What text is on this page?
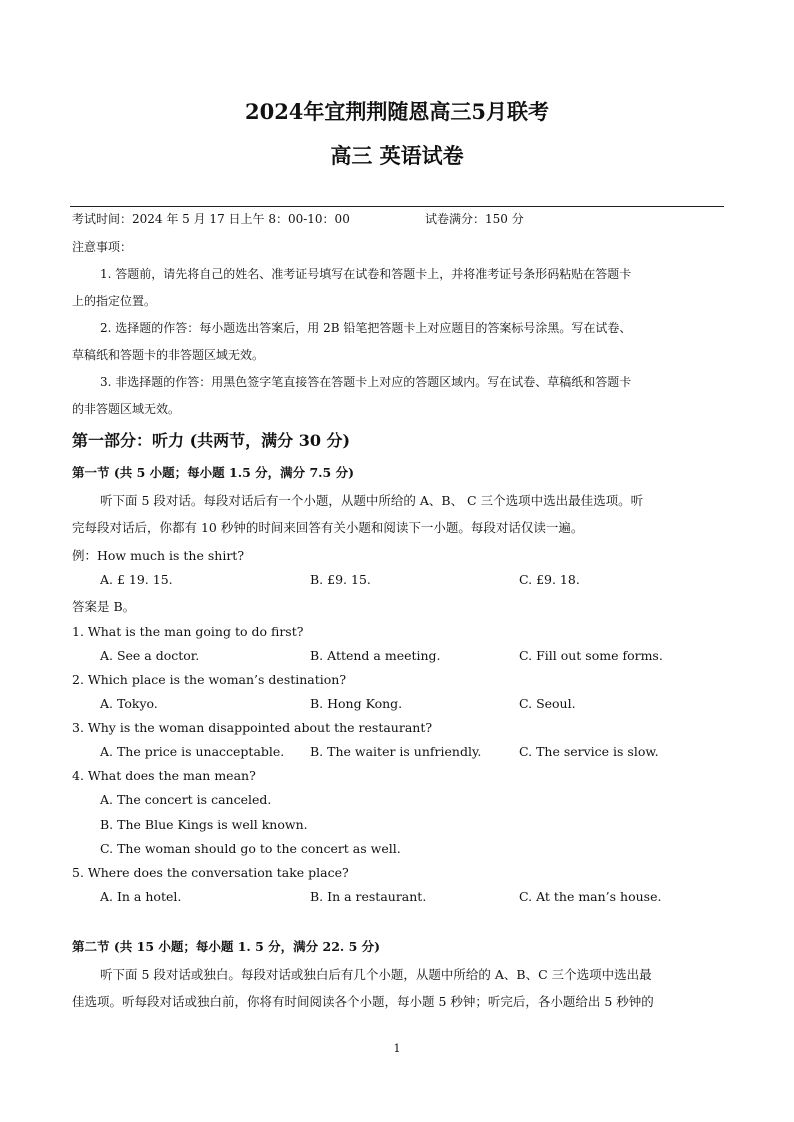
2024年宜荆荆随恩高三5月联考
高三 英语试卷
考试时间：2024 年 5 月 17 日上午 8：00-10：00	试卷满分：150 分
注意事项：
1. 答题前，请先将自己的姓名、准考证号填写在试卷和答题卡上，并将准考证号条形码粘贴在答题卡
上的指定位置。
2. 选择题的作答：每小题选出答案后，用 2B 铅笔把答题卡上对应题目的答案标号涂黑。写在试卷、
草稿纸和答题卡的非答题区域无效。
3. 非选择题的作答：用黑色签字笔直接答在答题卡上对应的答题区域内。写在试卷、草稿纸和答题卡
的非答题区域无效。
第一部分：听力 (共两节，满分 30 分)
第一节 (共 5 小题；每小题 1.5 分，满分 7.5 分)
听下面 5 段对话。每段对话后有一个小题，从题中所给的 A、B、 C 三个选项中选出最佳选项。听
完每段对话后，你都有 10 秒钟的时间来回答有关小题和阅读下一小题。每段对话仅读一遍。
例：How much is the shirt?
A. £ 19. 15.	B. £9. 15.	C. £9. 18.
答案是 B。
1. What is the man going to do first?
A. See a doctor.	B. Attend a meeting.	C. Fill out some forms.
2. Which place is the woman’s destination?
A. Tokyo.	B. Hong Kong.	C. Seoul.
3. Why is the woman disappointed about the restaurant?
A. The price is unacceptable. B. The waiter is unfriendly.	C. The service is slow.
4. What does the man mean?
A. The concert is canceled.
B. The Blue Kings is well known.
C. The woman should go to the concert as well.
5. Where does the conversation take place?
A. In a hotel.	B. In a restaurant.	C. At the man’s house.
第二节 (共 15 小题；每小题 1. 5 分，满分 22. 5 分)
听下面 5 段对话或独白。每段对话或独白后有几个小题，从题中所给的 A、B、C 三个选项中选出最
佳选项。听每段对话或独白前，你将有时间阅读各个小题，每小题 5 秒钟；听完后，各小题给出 5 秒钟的
1
